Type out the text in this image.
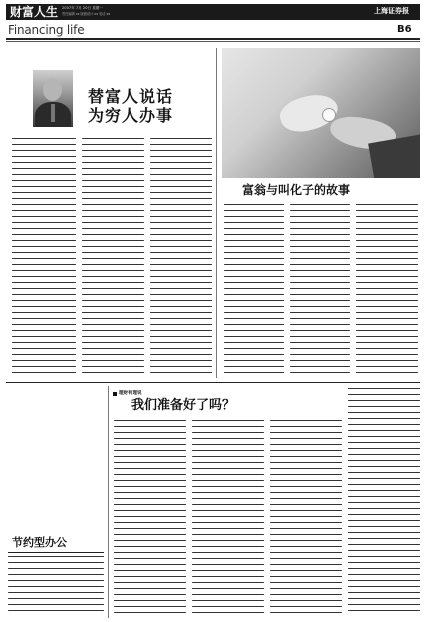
财富人生 2007年 7月 20日 星期一
责任编辑 xx 版面设计 xx 电话 xx	上海证券报
Financing life	B6
替富人说话
为穷人办事
富翁与叫化子的故事
理财有理说
我们准备好了吗？
节约型办公
